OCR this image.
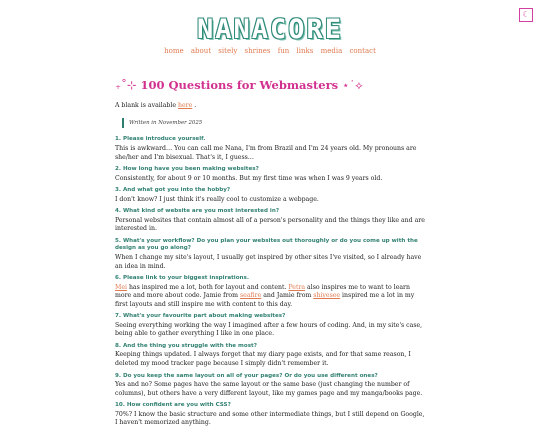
☾
NANACORE
home about sitely shrines fun links media contact
₊˚⊹ 100 Questions for Webmasters ⋆˙⟡

A blank is available here .

Written in November 2025
1. Please introduce yourself.

This is awkward… You can call me Nana, I'm from Brazil and I'm 24 years old. My pronouns are she/her and I'm bisexual. That's it, I guess…

2. How long have you been making websites?

Consistently, for about 9 or 10 months. But my first time was when I was 9 years old.

3. And what got you into the hobby?

I don't know? I just think it's really cool to customize a webpage.

4. What kind of website are you most interested in?

Personal websites that contain almost all of a person's personality and the things they like and are interested in.

5. What's your workflow? Do you plan your websites out thoroughly or do you come up with the design as you go along?

When I change my site's layout, I usually get inspired by other sites I've visited, so I already have an idea in mind.

6. Please link to your biggest inspirations.

Mei has inspired me a lot, both for layout and content. Petra also inspires me to want to learn more and more about code. Jamie from seafire and Jamie from shiyesee inspired me a lot in my first layouts and still inspire me with content to this day.

7. What's your favourite part about making websites?

Seeing everything working the way I imagined after a few hours of coding. And, in my site's case, being able to gather everything I like in one place.

8. And the thing you struggle with the most?

Keeping things updated. I always forget that my diary page exists, and for that same reason, I deleted my mood tracker page because I simply didn't remember it.

9. Do you keep the same layout on all of your pages? Or do you use different ones?

Yes and no? Some pages have the same layout or the same base (just changing the number of columns), but others have a very different layout, like my games page and my manga/books page.

10. How confident are you with CSS?

70%? I know the basic structure and some other intermediate things, but I still depend on Google, I haven't memorized anything.
